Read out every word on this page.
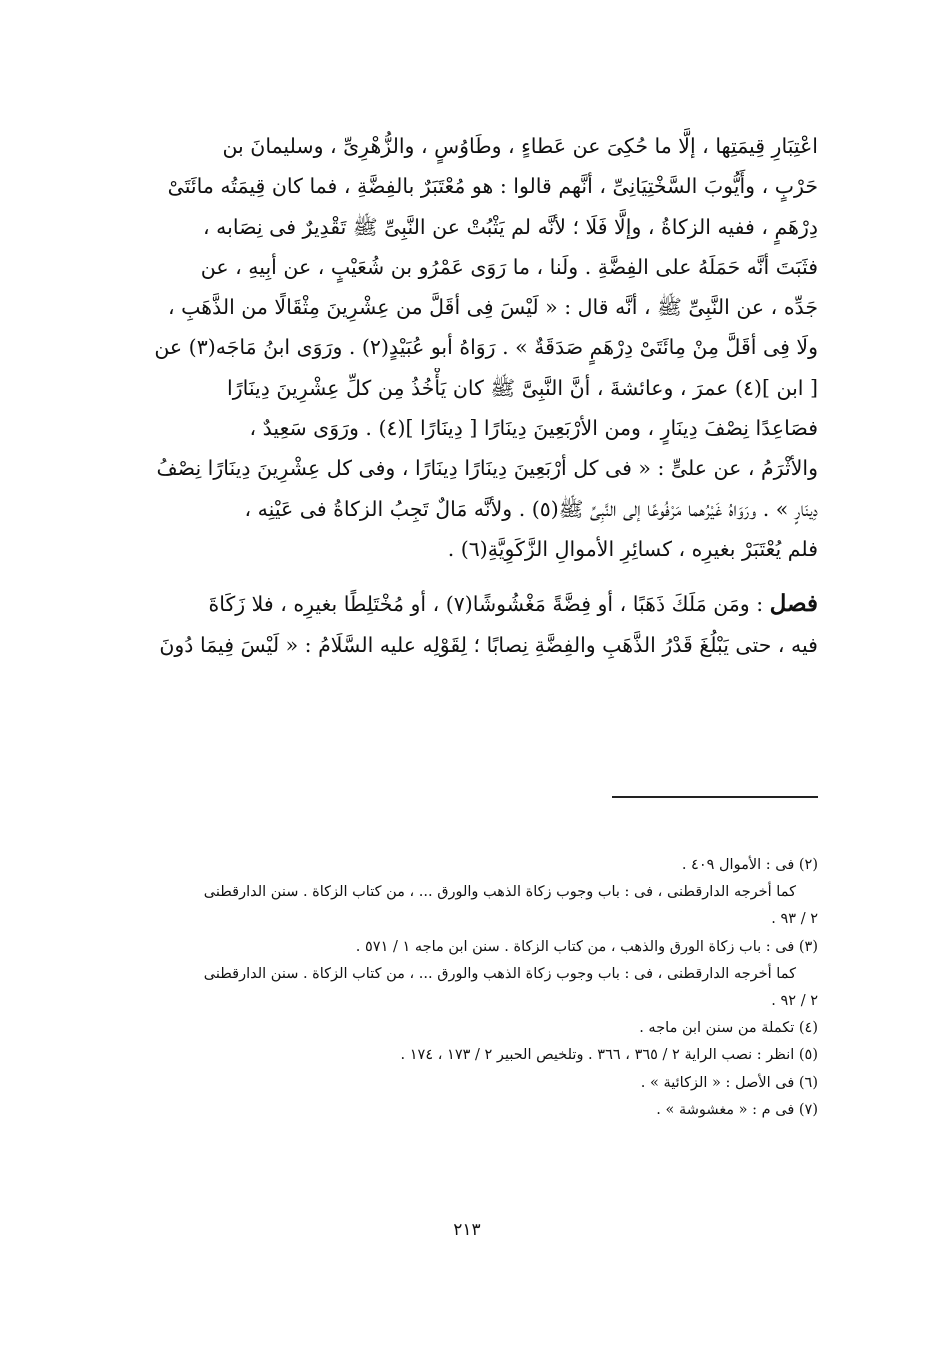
اعْتِبَارِ قِيمَتِها ، إلَّا ما حُكِىَ عن عَطاءٍ ، وطَاوُسٍ ، والزُّهْرِىِّ ، وسليمانَ بن
حَرْبٍ ، وأَيُّوبَ السَّخْتِيَانِىِّ ، أنَّهم قالوا : هو مُعْتَبَرٌ بالفِضَّةِ ، فما كان قِيمَتُه مائَتَىْ
دِرْهَمٍ ، ففيه الزكاةُ ، وإلَّا فَلَا ؛ لأنَّه لم يَثْبُتْ عن النَّبِىِّ ﷺ تَقْدِيرٌ فى نِصَابه ،
فثَبَتَ أنَّه حَمَلَهُ على الفِضَّةِ . ولَنا ، ما رَوَى عَمْرُو بن شُعَيْبٍ ، عن أبِيهِ ، عن
جَدِّه ، عن النَّبِىِّ ﷺ ، أنَّه قال : « لَيْسَ فِى أقَلَّ من عِشْرِينَ مِثْقَالًا من الذَّهَبِ ،
ولَا فِى أقَلَّ مِنْ مِائَتَىْ دِرْهَمٍ صَدَقَةٌ » . رَوَاهُ أبو عُبَيْدٍ(٢) . ورَوَى ابنُ مَاجَه(٣) عن
[ ابن ](٤) عمرَ ، وعائشةَ ، أنَّ النَّبِىَّ ﷺ كان يَأْخُذُ مِن كلِّ عِشْرِينَ دِينَارًا
فصَاعِدًا نِصْفَ دِينَارٍ ، ومن الأرْبَعِينَ دِينَارًا [ دِينَارًا ](٤) . ورَوَى سَعِيدٌ ،
والأثْرَمُ ، عن علىٍّ : « فى كل أرْبَعِينَ دِينَارًا دِينَارًا ، وفى كل عِشْرِينَ دِينَارًا نِصْفُ
دِينَارٍ » . ورَوَاهُ غَيْرُهما مَرْفُوعًا إلى النَّبِىِّ ﷺ(٥) . ولأنَّه مَالٌ تَجِبُ الزكاةُ فى عَيْنِه ،
فلم يُعْتَبَرْ بغيرِه ، كسائِرِ الأموالِ الزَّكَوِيَّةِ(٦) .
فصل : ومَن مَلَكَ ذَهَبًا ، أو فِضَّةً مَغْشُوشًا(٧) ، أو مُخْتَلِطًا بغيرِه ، فلا زَكَاةَ
فيه ، حتى يَبْلُغَ قَدْرُ الذَّهَبِ والفِضَّةِ نِصابًا ؛ لِقَوْلِه عليه السَّلَامُ : « لَيْسَ فِيمَا دُونَ
(٢) فى : الأموال ٤٠٩ .
كما أخرجه الدارقطنى ، فى : باب وجوب زكاة الذهب والورق ... ، من كتاب الزكاة . سنن الدارقطنى
٢ / ٩٣ .
(٣) فى : باب زكاة الورق والذهب ، من كتاب الزكاة . سنن ابن ماجه ١ / ٥٧١ .
كما أخرجه الدارقطنى ، فى : باب وجوب زكاة الذهب والورق ... ، من كتاب الزكاة . سنن الدارقطنى
٢ / ٩٢ .
(٤) تكملة من سنن ابن ماجه .
(٥) انظر : نصب الراية ٢ / ٣٦٥ ، ٣٦٦ . وتلخيص الحبير ٢ / ١٧٣ ، ١٧٤ .
(٦) فى الأصل : « الزكائية » .
(٧) فى م : « مغشوشة » .
٢١٣
